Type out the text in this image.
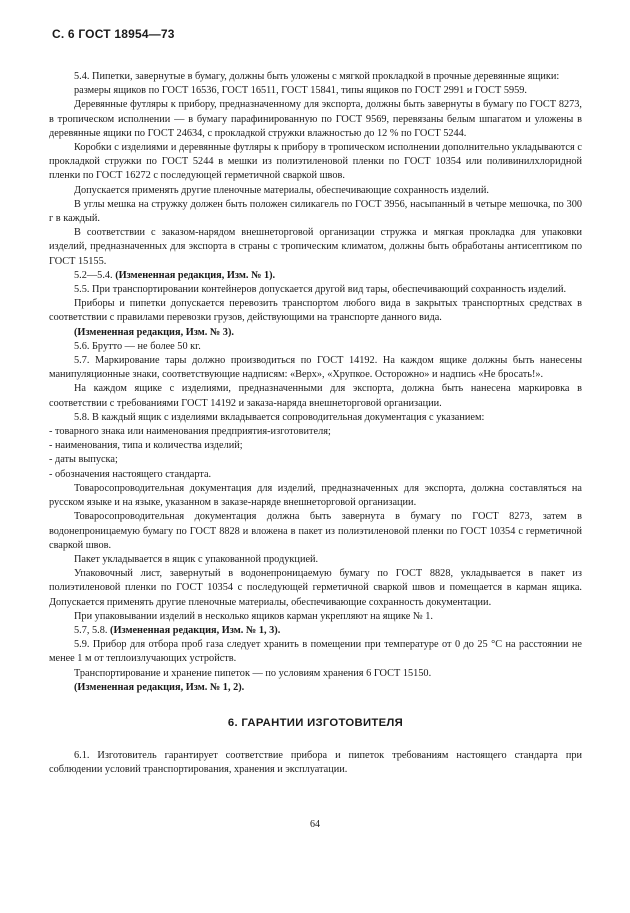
С. 6 ГОСТ 18954—73

5.4. Пипетки, завернутые в бумагу, должны быть уложены с мягкой прокладкой в прочные деревянные ящики:

размеры ящиков по ГОСТ 16536, ГОСТ 16511, ГОСТ 15841, типы ящиков по ГОСТ 2991 и ГОСТ 5959.

Деревянные футляры к прибору, предназначенному для экспорта, должны быть завернуты в бумагу по ГОСТ 8273, в тропическом исполнении — в бумагу парафинированную по ГОСТ 9569, перевязаны белым шпагатом и уложены в деревянные ящики по ГОСТ 24634, с прокладкой стружки влажностью до 12 % по ГОСТ 5244.

Коробки с изделиями и деревянные футляры к прибору в тропическом исполнении дополнительно укладываются с прокладкой стружки по ГОСТ 5244 в мешки из полиэтиленовой пленки по ГОСТ 10354 или поливинилхлоридной пленки по ГОСТ 16272 с последующей герметичной сваркой швов.

Допускается применять другие пленочные материалы, обеспечивающие сохранность изделий.

В углы мешка на стружку должен быть положен силикагель по ГОСТ 3956, насыпанный в четыре мешочка, по 300 г в каждый.

В соответствии с заказом-нарядом внешнеторговой организации стружка и мягкая прокладка для упаковки изделий, предназначенных для экспорта в страны с тропическим климатом, должны быть обработаны антисептиком по ГОСТ 15155.

5.2—5.4. (Измененная редакция, Изм. № 1).

5.5. При транспортировании контейнеров допускается другой вид тары, обеспечивающий сохранность изделий.

Приборы и пипетки допускается перевозить транспортом любого вида в закрытых транспортных средствах в соответствии с правилами перевозки грузов, действующими на транспорте данного вида.

(Измененная редакция, Изм. № 3).

5.6. Брутто — не более 50 кг.

5.7. Маркирование тары должно производиться по ГОСТ 14192. На каждом ящике должны быть нанесены манипуляционные знаки, соответствующие надписям: «Верх», «Хрупкое. Осторожно» и надпись «Не бросать!».

На каждом ящике с изделиями, предназначенными для экспорта, должна быть нанесена маркировка в соответствии с требованиями ГОСТ 14192 и заказа-наряда внешнеторговой организации.

5.8. В каждый ящик с изделиями вкладывается сопроводительная документация с указанием:

- товарного знака или наименования предприятия-изготовителя;

- наименования, типа и количества изделий;

- даты выпуска;

- обозначения настоящего стандарта.

Товаросопроводительная документация для изделий, предназначенных для экспорта, должна составляться на русском языке и на языке, указанном в заказе-наряде внешнеторговой организации.

Товаросопроводительная документация должна быть завернута в бумагу по ГОСТ 8273, затем в водонепроницаемую бумагу по ГОСТ 8828 и вложена в пакет из полиэтиленовой пленки по ГОСТ 10354 с герметичной сваркой швов.

Пакет укладывается в ящик с упакованной продукцией.

Упаковочный лист, завернутый в водонепроницаемую бумагу по ГОСТ 8828, укладывается в пакет из полиэтиленовой пленки по ГОСТ 10354 с последующей герметичной сваркой швов и помещается в карман ящика. Допускается применять другие пленочные материалы, обеспечивающие сохранность документации.

При упаковывании изделий в несколько ящиков карман укрепляют на ящике № 1.

5.7, 5.8. (Измененная редакция, Изм. № 1, 3).

5.9. Прибор для отбора проб газа следует хранить в помещении при температуре от 0 до 25 °С на расстоянии не менее 1 м от теплоизлучающих устройств.

Транспортирование и хранение пипеток — по условиям хранения 6 ГОСТ 15150.

(Измененная редакция, Изм. № 1, 2).

6. ГАРАНТИИ ИЗГОТОВИТЕЛЯ

6.1. Изготовитель гарантирует соответствие прибора и пипеток требованиям настоящего стандарта при соблюдении условий транспортирования, хранения и эксплуатации.

64
